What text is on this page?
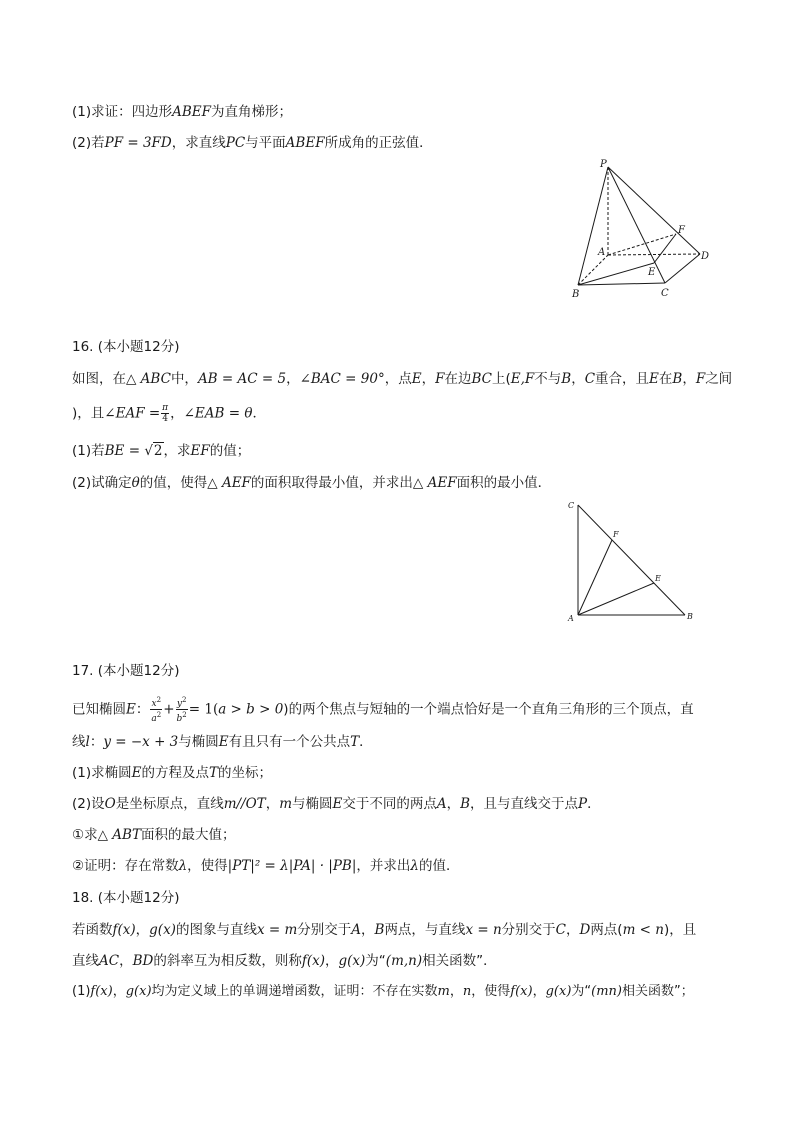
(1)求证：四边形ABEF为直角梯形；
(2)若PF = 3FD，求直线PC与平面ABEF所成角的正弦值．
P
A
B	C
D
E
F
16. (本小题12分)
如图，在△ ABC中，AB = AC = 5，∠BAC = 90°，点E，F在边BC上(E,F不与B，C重合，且E在B，F之间
)，且∠EAF = $\frac{\pi}{4}$ ，∠EAB = θ．
(1)若BE = √2，求EF的值；
(2)试确定θ的值，使得△ AEF的面积取得最小值，并求出△ AEF面积的最小值．
C
A	B
E
F
17. (本小题12分)
已知椭圆E： $\frac{x^2}{a^2} + \frac{y^2}{b^2} = 1(a > b > 0)$的两个焦点与短轴的一个端点恰好是一个直角三角形的三个顶点，直
线l：y = −x + 3与椭圆E有且只有一个公共点T．
(1)求椭圆E的方程及点T的坐标；
(2)设O是坐标原点，直线m//OT，m与椭圆E交于不同的两点A，B，且与直线交于点P．
①求△ ABT面积的最大值；
②证明：存在常数λ，使得|PT|² = λ|PA| · |PB|，并求出λ的值．
18. (本小题12分)
若函数f(x)，g(x)的图象与直线x = m分别交于A，B两点，与直线x = n分别交于C，D两点(m < n)，且
直线AC，BD的斜率互为相反数，则称f(x)，g(x)为“(m,n)相关函数”．
(1)f(x)，g(x)均为定义域上的单调递增函数，证明：不存在实数m，n，使得f(x)，g(x)为“(mn)相关函数”；
